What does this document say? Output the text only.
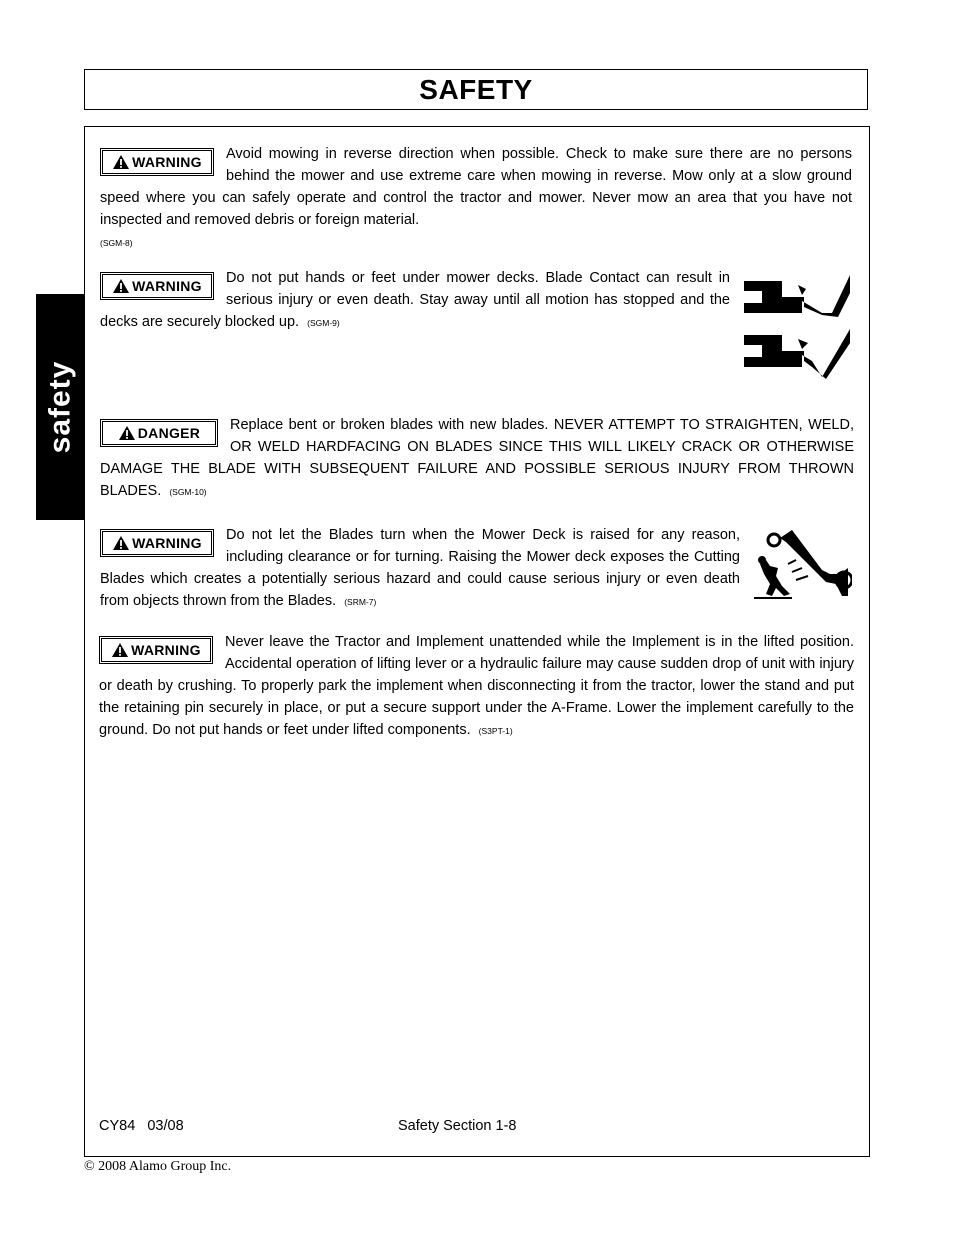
SAFETY
safety
WARNING Avoid mowing in reverse direction when possible. Check to make sure there are no persons behind the mower and use extreme care when mowing in reverse. Mow only at a slow ground speed where you can safely operate and control the tractor and mower. Never mow an area that you have not inspected and removed debris or foreign material.
(SGM-8)
WARNING Do not put hands or feet under mower decks. Blade Contact can result in serious injury or even death. Stay away until all motion has stopped and the decks are securely blocked up. (SGM-9)
DANGER Replace bent or broken blades with new blades. NEVER ATTEMPT TO STRAIGHTEN, WELD, OR WELD HARDFACING ON BLADES SINCE THIS WILL LIKELY CRACK OR OTHERWISE DAMAGE THE BLADE WITH SUBSEQUENT FAILURE AND POSSIBLE SERIOUS INJURY FROM THROWN BLADES. (SGM-10)
WARNING Do not let the Blades turn when the Mower Deck is raised for any reason, including clearance or for turning. Raising the Mower deck exposes the Cutting Blades which creates a potentially serious hazard and could cause serious injury or even death from objects thrown from the Blades. (SRM-7)
WARNING Never leave the Tractor and Implement unattended while the Implement is in the lifted position. Accidental operation of lifting lever or a hydraulic failure may cause sudden drop of unit with injury or death by crushing. To properly park the implement when disconnecting it from the tractor, lower the stand and put the retaining pin securely in place, or put a secure support under the A-Frame. Lower the implement carefully to the ground. Do not put hands or feet under lifted components. (S3PT-1)
CY84   03/08	Safety Section 1-8
© 2008 Alamo Group Inc.
